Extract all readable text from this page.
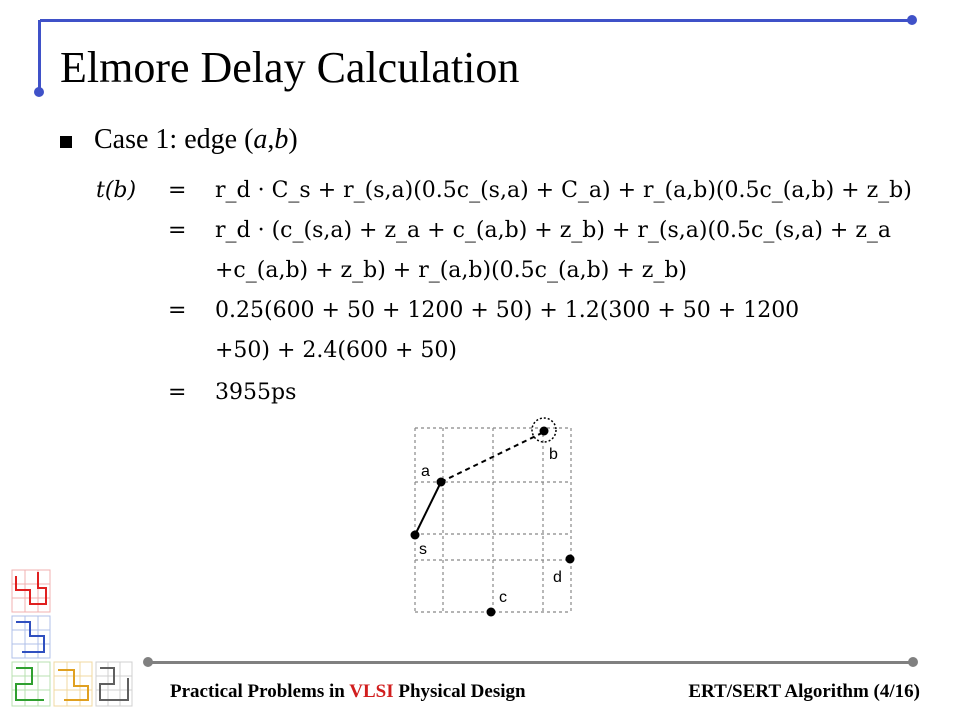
Elmore Delay Calculation
Case 1: edge (a,b)
t(b) = r_d · C_s + r_(s,a)(0.5c_(s,a) + C_a) + r_(a,b)(0.5c_(a,b) + z_b)
= r_d · (c_(s,a) + z_a + c_(a,b) + z_b) + r_(s,a)(0.5c_(s,a) + z_a
+c_(a,b) + z_b) + r_(a,b)(0.5c_(a,b) + z_b)
= 0.25(600 + 50 + 1200 + 50) + 1.2(300 + 50 + 1200
+50) + 2.4(600 + 50)
= 3955ps
a
b
s
d
c
Practical Problems in VLSI Physical Design	ERT/SERT Algorithm (4/16)
